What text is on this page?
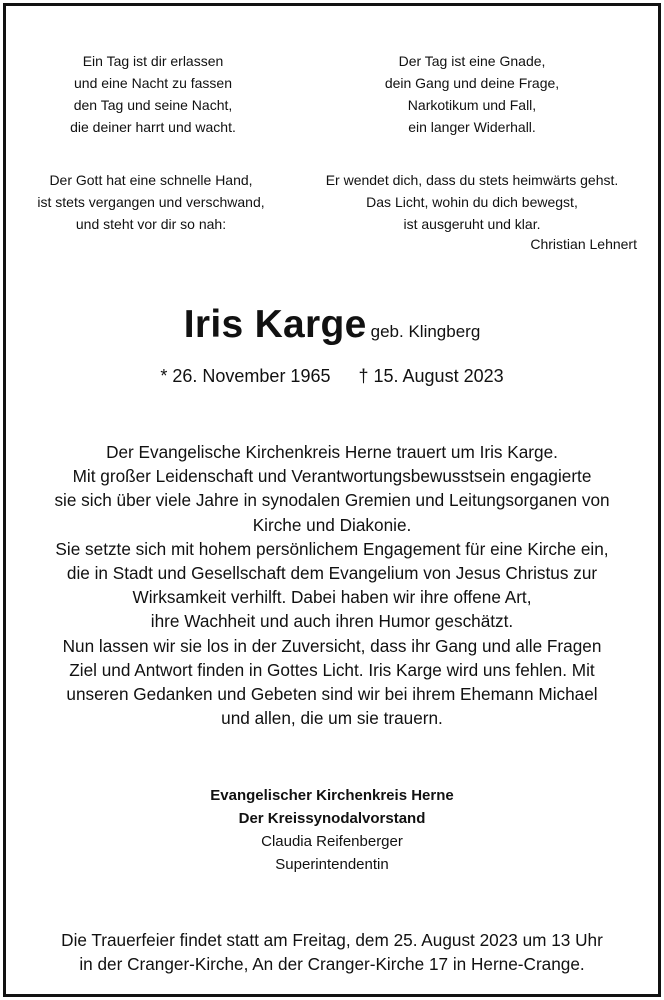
Ein Tag ist dir erlassen
und eine Nacht zu fassen
den Tag und seine Nacht,
die deiner harrt und wacht.
Der Tag ist eine Gnade,
dein Gang und deine Frage,
Narkotikum und Fall,
ein langer Widerhall.
Der Gott hat eine schnelle Hand,
ist stets vergangen und verschwand,
und steht vor dir so nah:
Er wendet dich, dass du stets heimwärts gehst.
Das Licht, wohin du dich bewegst,
ist ausgeruht und klar.
Christian Lehnert
Iris Karge geb. Klingberg
* 26. November 1965 † 15. August 2023
Der Evangelische Kirchenkreis Herne trauert um Iris Karge.
Mit großer Leidenschaft und Verantwortungsbewusstsein engagierte
sie sich über viele Jahre in synodalen Gremien und Leitungsorganen von
Kirche und Diakonie.
Sie setzte sich mit hohem persönlichem Engagement für eine Kirche ein,
die in Stadt und Gesellschaft dem Evangelium von Jesus Christus zur
Wirksamkeit verhilft. Dabei haben wir ihre offene Art,
ihre Wachheit und auch ihren Humor geschätzt.
Nun lassen wir sie los in der Zuversicht, dass ihr Gang und alle Fragen
Ziel und Antwort finden in Gottes Licht. Iris Karge wird uns fehlen. Mit
unseren Gedanken und Gebeten sind wir bei ihrem Ehemann Michael
und allen, die um sie trauern.
Evangelischer Kirchenkreis Herne
Der Kreissynodalvorstand
Claudia Reifenberger
Superintendentin
Die Trauerfeier findet statt am Freitag, dem 25. August 2023 um 13 Uhr
in der Cranger-Kirche, An der Cranger-Kirche 17 in Herne-Crange.
